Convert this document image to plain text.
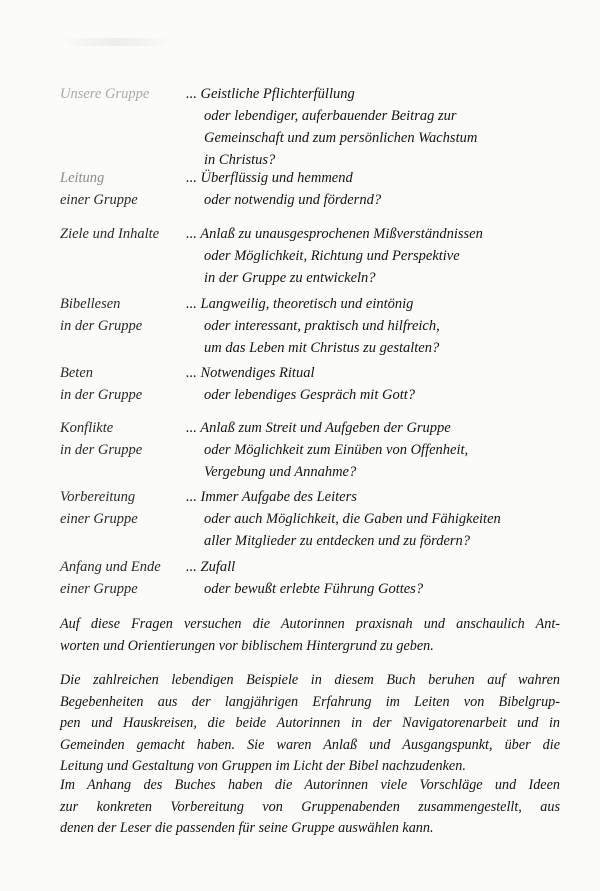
Unsere Gruppe	... Geistliche Pflichterfüllung
oder lebendiger, auferbauender Beitrag zur
Gemeinschaft und zum persönlichen Wachstum
in Christus?
Leitung
einer Gruppe
... Überflüssig und hemmend
oder notwendig und fördernd?
Ziele und Inhalte	... Anlaß zu unausgesprochenen Mißverständnissen
oder Möglichkeit, Richtung und Perspektive
in der Gruppe zu entwickeln?
Bibellesen
in der Gruppe
... Langweilig, theoretisch und eintönig
oder interessant, praktisch und hilfreich,
um das Leben mit Christus zu gestalten?
Beten
in der Gruppe
... Notwendiges Ritual
oder lebendiges Gespräch mit Gott?
Konflikte
in der Gruppe
... Anlaß zum Streit und Aufgeben der Gruppe
oder Möglichkeit zum Einüben von Offenheit,
Vergebung und Annahme?
Vorbereitung
einer Gruppe
... Immer Aufgabe des Leiters
oder auch Möglichkeit, die Gaben und Fähigkeiten
aller Mitglieder zu entdecken und zu fördern?
Anfang und Ende
einer Gruppe
... Zufall
oder bewußt erlebte Führung Gottes?
Auf diese Fragen versuchen die Autorinnen praxisnah und anschaulich Ant-
worten und Orientierungen vor biblischem Hintergrund zu geben.
Die zahlreichen lebendigen Beispiele in diesem Buch beruhen auf wahren
Begebenheiten aus der langjährigen Erfahrung im Leiten von Bibelgrup-
pen und Hauskreisen, die beide Autorinnen in der Navigatorenarbeit und in
Gemeinden gemacht haben. Sie waren Anlaß und Ausgangspunkt, über die
Leitung und Gestaltung von Gruppen im Licht der Bibel nachzudenken.
Im Anhang des Buches haben die Autorinnen viele Vorschläge und Ideen
zur konkreten Vorbereitung von Gruppenabenden zusammengestellt, aus
denen der Leser die passenden für seine Gruppe auswählen kann.
